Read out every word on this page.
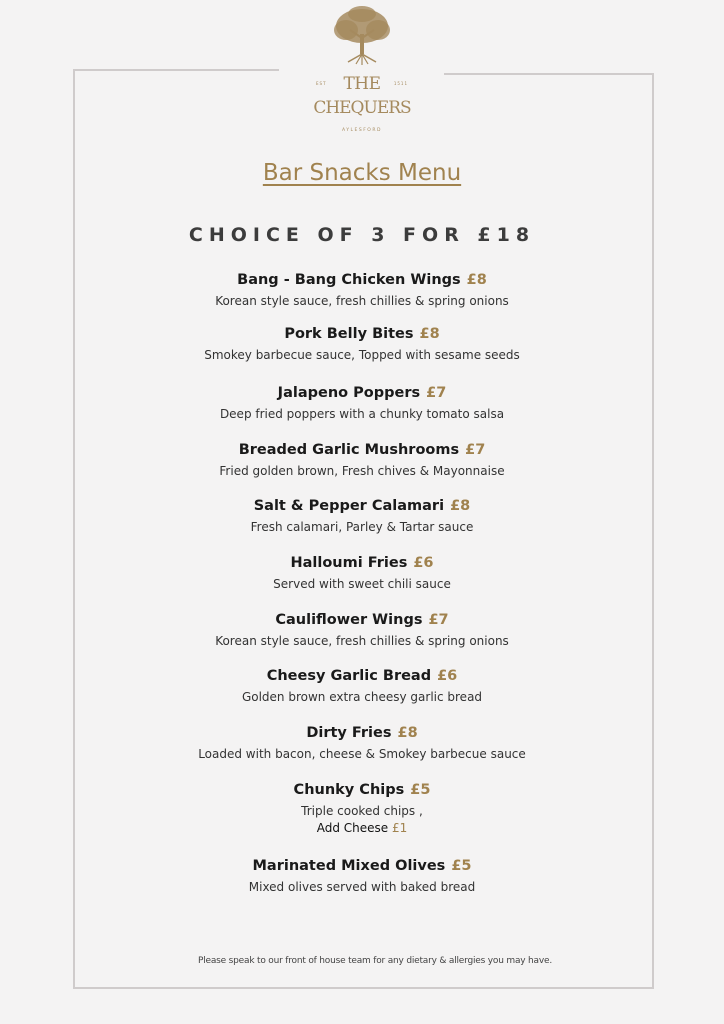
EST THE	1511
CHEQUERS
AYLESFORD
Bar Snacks Menu
CHOICE OF 3 FOR £18
Bang - Bang Chicken Wings £8
Korean style sauce, fresh chillies & spring onions
Pork Belly Bites £8
Smokey barbecue sauce, Topped with sesame seeds
Jalapeno Poppers £7
Deep fried poppers with a chunky tomato salsa
Breaded Garlic Mushrooms £7
Fried golden brown, Fresh chives & Mayonnaise
Salt & Pepper Calamari £8
Fresh calamari, Parley & Tartar sauce
Halloumi Fries £6
Served with sweet chili sauce
Cauliflower Wings £7
Korean style sauce, fresh chillies & spring onions
Cheesy Garlic Bread £6
Golden brown extra cheesy garlic bread
Dirty Fries £8
Loaded with bacon, cheese & Smokey barbecue sauce
Chunky Chips £5
Triple cooked chips ,
Add Cheese £1
Marinated Mixed Olives £5
Mixed olives served with baked bread
Please speak to our front of house team for any dietary & allergies you may have.
